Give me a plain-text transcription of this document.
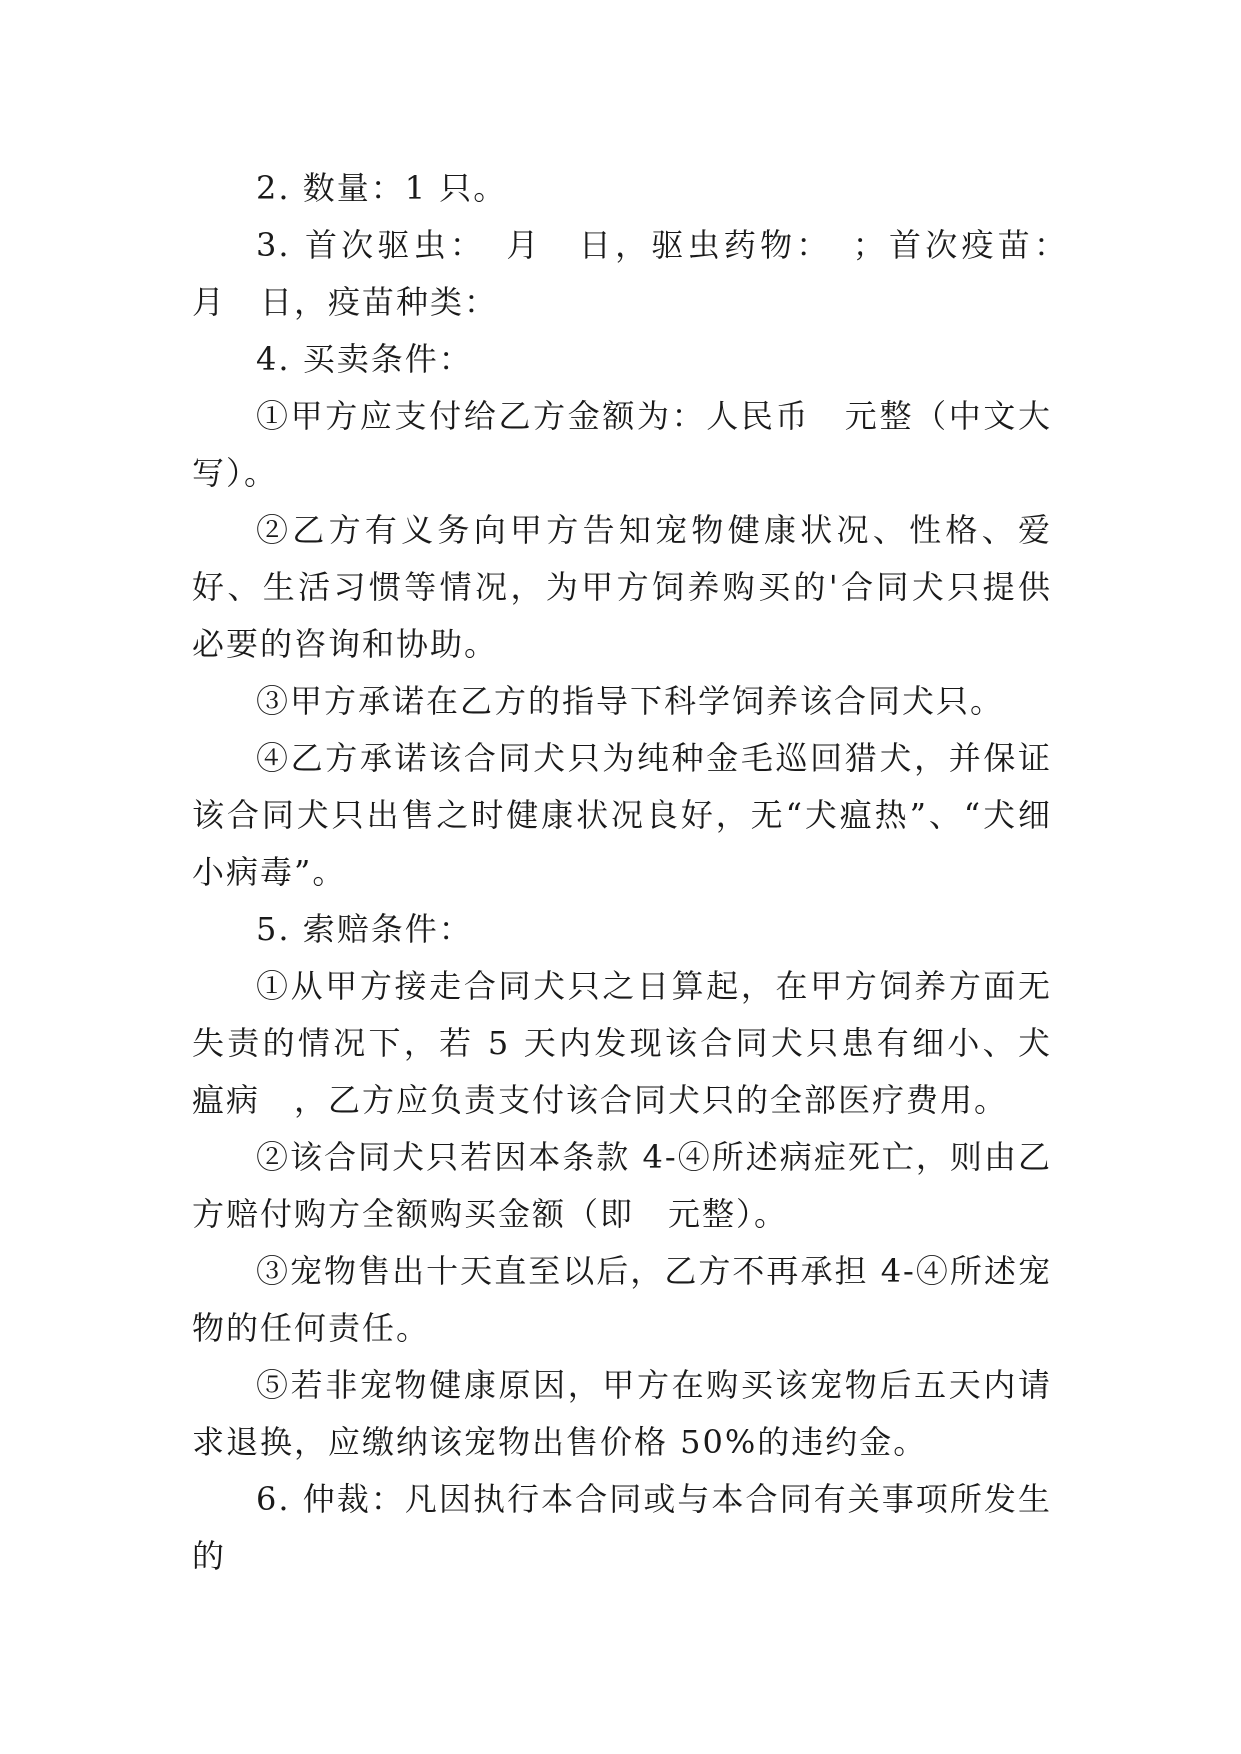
2. 数量：1 只。

3. 首次驱虫：　月　日，驱虫药物：　；首次疫苗：　月　日，疫苗种类：

4. 买卖条件：

①甲方应支付给乙方金额为：人民币　元整（中文大写）。

②乙方有义务向甲方告知宠物健康状况、性格、爱好、生活习惯等情况，为甲方饲养购买的'合同犬只提供必要的咨询和协助。

③甲方承诺在乙方的指导下科学饲养该合同犬只。

④乙方承诺该合同犬只为纯种金毛巡回猎犬，并保证该合同犬只出售之时健康状况良好，无“犬瘟热”、“犬细小病毒”。

5. 索赔条件：

①从甲方接走合同犬只之日算起，在甲方饲养方面无失责的情况下，若 5 天内发现该合同犬只患有细小、犬瘟病　，乙方应负责支付该合同犬只的全部医疗费用。

②该合同犬只若因本条款 4-④所述病症死亡，则由乙方赔付购方全额购买金额（即　元整）。

③宠物售出十天直至以后，乙方不再承担 4-④所述宠物的任何责任。

⑤若非宠物健康原因，甲方在购买该宠物后五天内请求退换，应缴纳该宠物出售价格 50%的违约金。

6. 仲裁：凡因执行本合同或与本合同有关事项所发生的
